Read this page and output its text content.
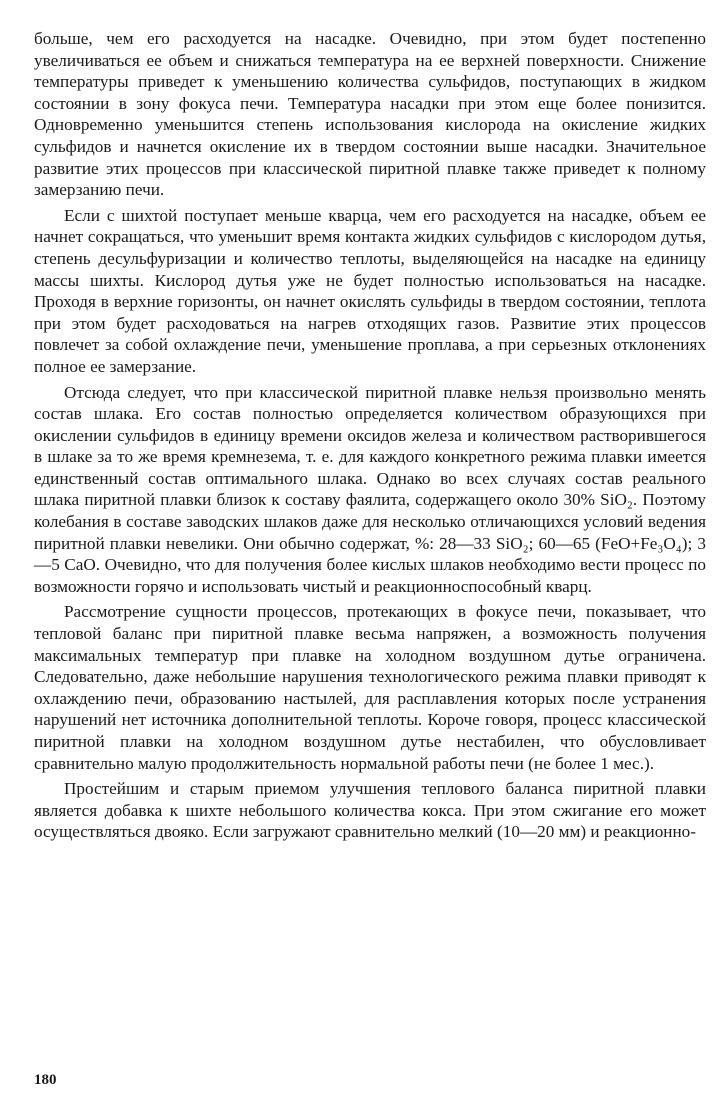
больше, чем его расходуется на насадке. Очевидно, при этом будет постепенно увеличиваться ее объем и снижаться температура на ее верхней поверхности. Снижение температуры приведет к уменьшению количества сульфидов, поступающих в жидком состоянии в зону фокуса печи. Температура насадки при этом еще более понизится. Одновременно уменьшится степень использования кислорода на окисление жидких сульфидов и начнется окисление их в твердом состоянии выше насадки. Значительное развитие этих процессов при классической пиритной плавке также приведет к полному замерзанию печи.

Если с шихтой поступает меньше кварца, чем его расходуется на насадке, объем ее начнет сокращаться, что уменьшит время контакта жидких сульфидов с кислородом дутья, степень десульфуризации и количество теплоты, выделяющейся на насадке на единицу массы шихты. Кислород дутья уже не будет полностью использоваться на насадке. Проходя в верхние горизонты, он начнет окислять сульфиды в твердом состоянии, теплота при этом будет расходоваться на нагрев отходящих газов. Развитие этих процессов повлечет за собой охлаждение печи, уменьшение проплава, а при серьезных отклонениях полное ее замерзание.

Отсюда следует, что при классической пиритной плавке нельзя произвольно менять состав шлака. Его состав полностью определяется количеством образующихся при окислении сульфидов в единицу времени оксидов железа и количеством растворившегося в шлаке за то же время кремнезема, т. е. для каждого конкретного режима плавки имеется единственный состав оптимального шлака. Однако во всех случаях состав реального шлака пиритной плавки близок к составу фаялита, содержащего около 30% SiO₂. Поэтому колебания в составе заводских шлаков даже для несколько отличающихся условий ведения пиритной плавки невелики. Они обычно содержат, %: 28—33 SiO₂; 60—65 (FeO+Fe₃O₄); 3—5 CaO. Очевидно, что для получения более кислых шлаков необходимо вести процесс по возможности горячо и использовать чистый и реакционноспособный кварц.

Рассмотрение сущности процессов, протекающих в фокусе печи, показывает, что тепловой баланс при пиритной плавке весьма напряжен, а возможность получения максимальных температур при плавке на холодном воздушном дутье ограничена. Следовательно, даже небольшие нарушения технологического режима плавки приводят к охлаждению печи, образованию настылей, для расплавления которых после устранения нарушений нет источника дополнительной теплоты. Короче говоря, процесс классической пиритной плавки на холодном воздушном дутье нестабилен, что обусловливает сравнительно малую продолжительность нормальной работы печи (не более 1 мес.).

Простейшим и старым приемом улучшения теплового баланса пиритной плавки является добавка к шихте небольшого количества кокса. При этом сжигание его может осуществляться двояко. Если загружают сравнительно мелкий (10—20 мм) и реакционно-

180
